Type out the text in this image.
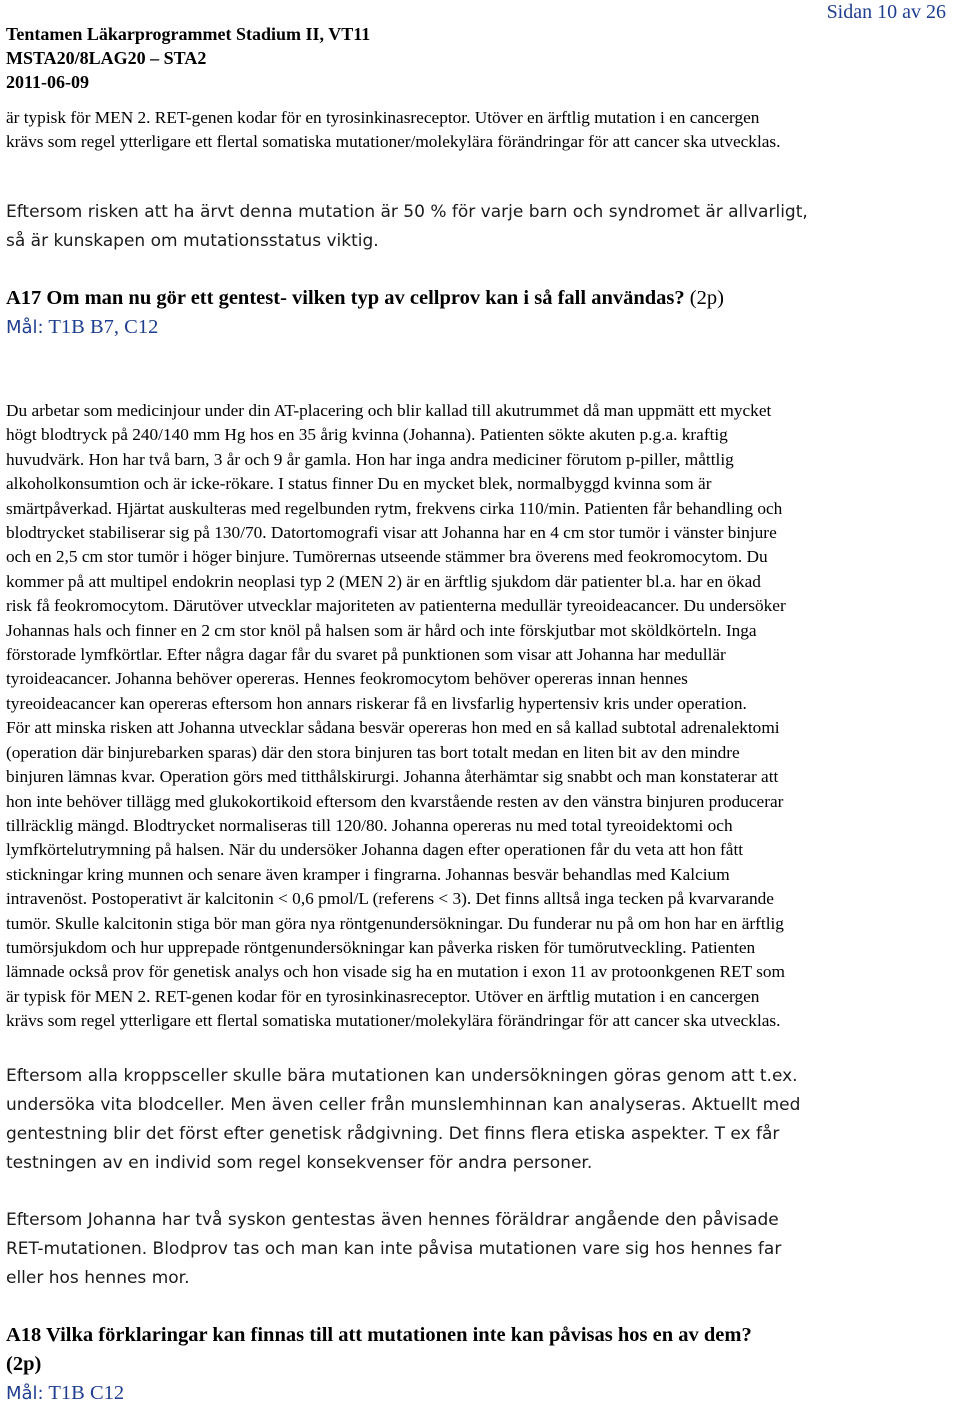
Tentamen Läkarprogrammet Stadium II, VT11
MSTA20/8LAG20 – STA2
2011-06-09
Sidan 10 av 26
är typisk för MEN 2. RET-genen kodar för en tyrosinkinasreceptor. Utöver en ärftlig mutation i en cancergen
krävs som regel ytterligare ett flertal somatiska mutationer/molekylära förändringar för att cancer ska utvecklas.
Eftersom risken att ha ärvt denna mutation är 50 % för varje barn och syndromet är allvarligt,
så är kunskapen om mutationsstatus viktig.
A17 Om man nu gör ett gentest- vilken typ av cellprov kan i så fall användas? (2p)
Mål: T1B B7, C12
Du arbetar som medicinjour under din AT-placering och blir kallad till akutrummet då man uppmätt ett mycket
högt blodtryck på 240/140 mm Hg hos en 35 årig kvinna (Johanna). Patienten sökte akuten p.g.a. kraftig
huvudvärk. Hon har två barn, 3 år och 9 år gamla. Hon har inga andra mediciner förutom p-piller, måttlig
alkoholkonsumtion och är icke-rökare. I status finner Du en mycket blek, normalbyggd kvinna som är
smärtpåverkad. Hjärtat auskulteras med regelbunden rytm, frekvens cirka 110/min. Patienten får behandling och
blodtrycket stabiliserar sig på 130/70. Datortomografi visar att Johanna har en 4 cm stor tumör i vänster binjure
och en 2,5 cm stor tumör i höger binjure. Tumörernas utseende stämmer bra överens med feokromocytom. Du
kommer på att multipel endokrin neoplasi typ 2 (MEN 2) är en ärftlig sjukdom där patienter bl.a. har en ökad
risk få feokromocytom. Därutöver utvecklar majoriteten av patienterna medullär tyreoideacancer. Du undersöker
Johannas hals och finner en 2 cm stor knöl på halsen som är hård och inte förskjutbar mot sköldkörteln. Inga
förstorade lymfkörtlar. Efter några dagar får du svaret på punktionen som visar att Johanna har medullär
tyroideacancer. Johanna behöver opereras. Hennes feokromocytom behöver opereras innan hennes
tyreoideacancer kan opereras eftersom hon annars riskerar få en livsfarlig hypertensiv kris under operation.
För att minska risken att Johanna utvecklar sådana besvär opereras hon med en så kallad subtotal adrenalektomi
(operation där binjurebarken sparas) där den stora binjuren tas bort totalt medan en liten bit av den mindre
binjuren lämnas kvar. Operation görs med titthålskirurgi. Johanna återhämtar sig snabbt och man konstaterar att
hon inte behöver tillägg med glukokortikoid eftersom den kvarstående resten av den vänstra binjuren producerar
tillräcklig mängd. Blodtrycket normaliseras till 120/80. Johanna opereras nu med total tyreoidektomi och
lymfkörtelutrymning på halsen. När du undersöker Johanna dagen efter operationen får du veta att hon fått
stickningar kring munnen och senare även kramper i fingrarna. Johannas besvär behandlas med Kalcium
intravenöst. Postoperativt är kalcitonin < 0,6 pmol/L (referens < 3). Det finns alltså inga tecken på kvarvarande
tumör. Skulle kalcitonin stiga bör man göra nya röntgenundersökningar. Du funderar nu på om hon har en ärftlig
tumörsjukdom och hur upprepade röntgenundersökningar kan påverka risken för tumörutveckling. Patienten
lämnade också prov för genetisk analys och hon visade sig ha en mutation i exon 11 av protoonkgenen RET som
är typisk för MEN 2. RET-genen kodar för en tyrosinkinasreceptor. Utöver en ärftlig mutation i en cancergen
krävs som regel ytterligare ett flertal somatiska mutationer/molekylära förändringar för att cancer ska utvecklas.
Eftersom alla kroppsceller skulle bära mutationen kan undersökningen göras genom att t.ex.
undersöka vita blodceller. Men även celler från munslemhinnan kan analyseras. Aktuellt med
gentestning blir det först efter genetisk rådgivning. Det finns flera etiska aspekter. T ex får
testningen av en individ som regel konsekvenser för andra personer.
Eftersom Johanna har två syskon gentestas även hennes föräldrar angående den påvisade
RET-mutationen. Blodprov tas och man kan inte påvisa mutationen vare sig hos hennes far
eller hos hennes mor.
A18 Vilka förklaringar kan finnas till att mutationen inte kan påvisas hos en av dem?
(2p)
Mål: T1B C12
